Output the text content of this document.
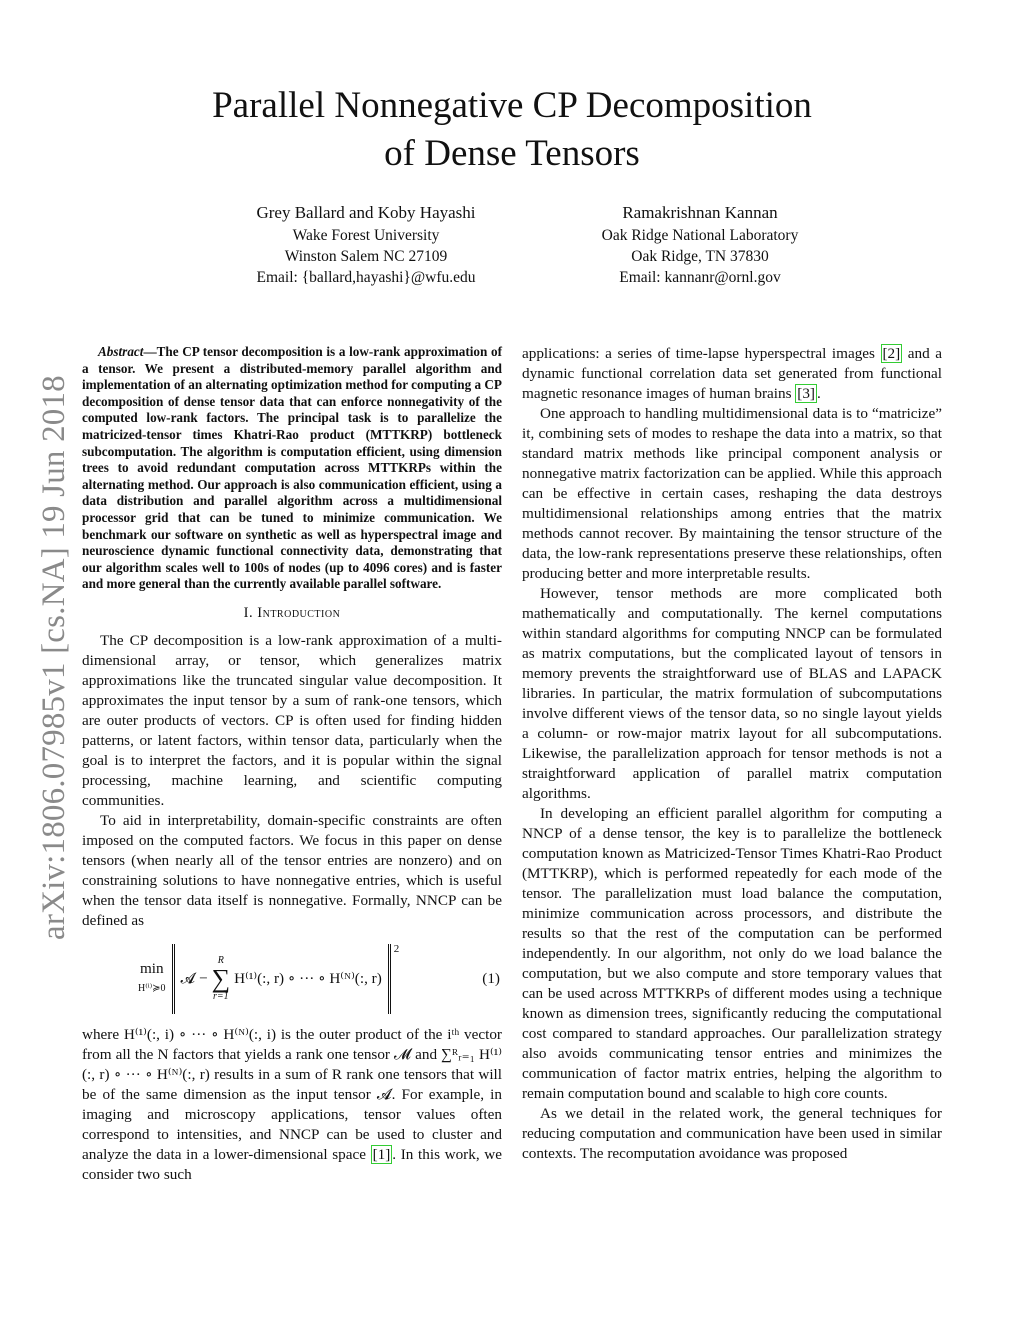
arXiv:1806.07985v1 [cs.NA] 19 Jun 2018
Parallel Nonnegative CP Decomposition
of Dense Tensors
Grey Ballard and Koby Hayashi
Wake Forest University
Winston Salem NC 27109
Email: {ballard,hayashi}@wfu.edu
Ramakrishnan Kannan
Oak Ridge National Laboratory
Oak Ridge, TN 37830
Email: kannanr@ornl.gov
Abstract—The CP tensor decomposition is a low-rank approximation of a tensor. We present a distributed-memory parallel algorithm and implementation of an alternating optimization method for computing a CP decomposition of dense tensor data that can enforce nonnegativity of the computed low-rank factors. The principal task is to parallelize the matricized-tensor times Khatri-Rao product (MTTKRP) bottleneck subcomputation. The algorithm is computation efficient, using dimension trees to avoid redundant computation across MTTKRPs within the alternating method. Our approach is also communication efficient, using a data distribution and parallel algorithm across a multidimensional processor grid that can be tuned to minimize communication. We benchmark our software on synthetic as well as hyperspectral image and neuroscience dynamic functional connectivity data, demonstrating that our algorithm scales well to 100s of nodes (up to 4096 cores) and is faster and more general than the currently available parallel software.
I. Introduction

The CP decomposition is a low-rank approximation of a multi-dimensional array, or tensor, which generalizes matrix approximations like the truncated singular value decomposition. It approximates the input tensor by a sum of rank-one tensors, which are outer products of vectors. CP is often used for finding hidden patterns, or latent factors, within tensor data, particularly when the goal is to interpret the factors, and it is popular within the signal processing, machine learning, and scientific computing communities.

To aid in interpretability, domain-specific constraints are often imposed on the computed factors. We focus in this paper on dense tensors (when nearly all of the tensor entries are nonzero) and on constraining solutions to have nonnegative entries, which is useful when the tensor data itself is nonnegative. Formally, NNCP can be defined as

min
H⁽ⁱ⁾≽0
𝓐 −
R
∑
r=1
H⁽¹⁾(:, r) ∘ ··· ∘ H⁽ᴺ⁾(:, r)
2
(1)

where H⁽¹⁾(:, i) ∘ ··· ∘ H⁽ᴺ⁾(:, i) is the outer product of the iᵗʰ vector from all the N factors that yields a rank one tensor 𝓜 and ∑ᴿᵣ₌₁ H⁽¹⁾(:, r) ∘ ··· ∘ H⁽ᴺ⁾(:, r) results in a sum of R rank one tensors that will be of the same dimension as the input tensor 𝓐. For example, in imaging and microscopy applications, tensor values often correspond to intensities, and NNCP can be used to cluster and analyze the data in a lower-dimensional space [1] . In this work, we consider two such

applications: a series of time-lapse hyperspectral images [2] and a dynamic functional correlation data set generated from functional magnetic resonance images of human brains [3] .

One approach to handling multidimensional data is to “matricize” it, combining sets of modes to reshape the data into a matrix, so that standard matrix methods like principal component analysis or nonnegative matrix factorization can be applied. While this approach can be effective in certain cases, reshaping the data destroys multidimensional relationships among entries that the matrix methods cannot recover. By maintaining the tensor structure of the data, the low-rank representations preserve these relationships, often producing better and more interpretable results.

However, tensor methods are more complicated both mathematically and computationally. The kernel computations within standard algorithms for computing NNCP can be formulated as matrix computations, but the complicated layout of tensors in memory prevents the straightforward use of BLAS and LAPACK libraries. In particular, the matrix formulation of subcomputations involve different views of the tensor data, so no single layout yields a column- or row-major matrix layout for all subcomputations. Likewise, the parallelization approach for tensor methods is not a straightforward application of parallel matrix computation algorithms.

In developing an efficient parallel algorithm for computing a NNCP of a dense tensor, the key is to parallelize the bottleneck computation known as Matricized-Tensor Times Khatri-Rao Product (MTTKRP), which is performed repeatedly for each mode of the tensor. The parallelization must load balance the computation, minimize communication across processors, and distribute the results so that the rest of the computation can be performed independently. In our algorithm, not only do we load balance the computation, but we also compute and store temporary values that can be used across MTTKRPs of different modes using a technique known as dimension trees, significantly reducing the computational cost compared to standard approaches. Our parallelization strategy also avoids communicating tensor entries and minimizes the communication of factor matrix entries, helping the algorithm to remain computation bound and scalable to high core counts.

As we detail in the related work, the general techniques for reducing computation and communication have been used in similar contexts. The recomputation avoidance was proposed
